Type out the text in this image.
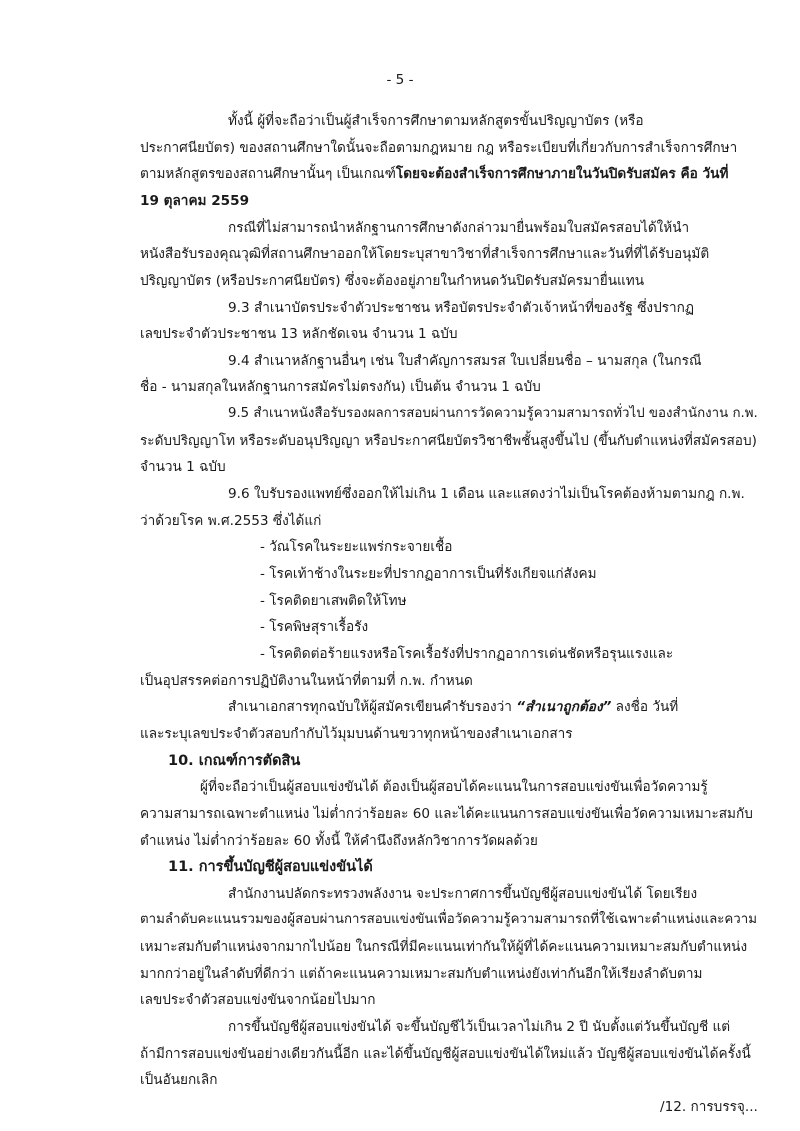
- 5 -
ทั้งนี้ ผู้ที่จะถือว่าเป็นผู้สำเร็จการศึกษาตามหลักสูตรขั้นปริญญาบัตร (หรือ
ประกาศนียบัตร) ของสถานศึกษาใดนั้นจะถือตามกฎหมาย กฎ หรือระเบียบที่เกี่ยวกับการสำเร็จการศึกษา
ตามหลักสูตรของสถานศึกษานั้นๆ เป็นเกณฑ์โดยจะต้องสำเร็จการศึกษาภายในวันปิดรับสมัคร คือ วันที่
19 ตุลาคม 2559
กรณีที่ไม่สามารถนำหลักฐานการศึกษาดังกล่าวมายื่นพร้อมใบสมัครสอบได้ให้นำ
หนังสือรับรองคุณวุฒิที่สถานศึกษาออกให้โดยระบุสาขาวิชาที่สำเร็จการศึกษาและวันที่ที่ได้รับอนุมัติ
ปริญญาบัตร (หรือประกาศนียบัตร) ซึ่งจะต้องอยู่ภายในกำหนดวันปิดรับสมัครมายื่นแทน
9.3 สำเนาบัตรประจำตัวประชาชน หรือบัตรประจำตัวเจ้าหน้าที่ของรัฐ ซึ่งปรากฏ
เลขประจำตัวประชาชน 13 หลักชัดเจน จำนวน 1 ฉบับ
9.4 สำเนาหลักฐานอื่นๆ เช่น ใบสำคัญการสมรส ใบเปลี่ยนชื่อ – นามสกุล (ในกรณี
ชื่อ - นามสกุลในหลักฐานการสมัครไม่ตรงกัน) เป็นต้น จำนวน 1 ฉบับ
9.5 สำเนาหนังสือรับรองผลการสอบผ่านการวัดความรู้ความสามารถทั่วไป ของสำนักงาน ก.พ.
ระดับปริญญาโท หรือระดับอนุปริญญา หรือประกาศนียบัตรวิชาชีพชั้นสูงขึ้นไป (ขึ้นกับตำแหน่งที่สมัครสอบ)
จำนวน 1 ฉบับ
9.6 ใบรับรองแพทย์ซึ่งออกให้ไม่เกิน 1 เดือน และแสดงว่าไม่เป็นโรคต้องห้ามตามกฎ ก.พ.
ว่าด้วยโรค พ.ศ.2553 ซึ่งได้แก่
- วัณโรคในระยะแพร่กระจายเชื้อ
- โรคเท้าช้างในระยะที่ปรากฏอาการเป็นที่รังเกียจแก่สังคม
- โรคติดยาเสพติดให้โทษ
- โรคพิษสุราเรื้อรัง
- โรคติดต่อร้ายแรงหรือโรคเรื้อรังที่ปรากฏอาการเด่นชัดหรือรุนแรงและ
เป็นอุปสรรคต่อการปฏิบัติงานในหน้าที่ตามที่ ก.พ. กำหนด
สำเนาเอกสารทุกฉบับให้ผู้สมัครเขียนคำรับรองว่า “สำเนาถูกต้อง” ลงชื่อ วันที่
และระบุเลขประจำตัวสอบกำกับไว้มุมบนด้านขวาทุกหน้าของสำเนาเอกสาร
10. เกณฑ์การตัดสิน
ผู้ที่จะถือว่าเป็นผู้สอบแข่งขันได้ ต้องเป็นผู้สอบได้คะแนนในการสอบแข่งขันเพื่อวัดความรู้
ความสามารถเฉพาะตำแหน่ง ไม่ต่ำกว่าร้อยละ 60 และได้คะแนนการสอบแข่งขันเพื่อวัดความเหมาะสมกับ
ตำแหน่ง ไม่ต่ำกว่าร้อยละ 60 ทั้งนี้ ให้คำนึงถึงหลักวิชาการวัดผลด้วย
11. การขึ้นบัญชีผู้สอบแข่งขันได้
สำนักงานปลัดกระทรวงพลังงาน จะประกาศการขึ้นบัญชีผู้สอบแข่งขันได้ โดยเรียง
ตามลำดับคะแนนรวมของผู้สอบผ่านการสอบแข่งขันเพื่อวัดความรู้ความสามารถที่ใช้เฉพาะตำแหน่งและความ
เหมาะสมกับตำแหน่งจากมากไปน้อย ในกรณีที่มีคะแนนเท่ากันให้ผู้ที่ได้คะแนนความเหมาะสมกับตำแหน่ง
มากกว่าอยู่ในลำดับที่ดีกว่า แต่ถ้าคะแนนความเหมาะสมกับตำแหน่งยังเท่ากันอีกให้เรียงลำดับตาม
เลขประจำตัวสอบแข่งขันจากน้อยไปมาก
การขึ้นบัญชีผู้สอบแข่งขันได้ จะขึ้นบัญชีไว้เป็นเวลาไม่เกิน 2 ปี นับตั้งแต่วันขึ้นบัญชี แต่
ถ้ามีการสอบแข่งขันอย่างเดียวกันนี้อีก และได้ขึ้นบัญชีผู้สอบแข่งขันได้ใหม่แล้ว บัญชีผู้สอบแข่งขันได้ครั้งนี้
เป็นอันยกเลิก
/12. การบรรจุ...
